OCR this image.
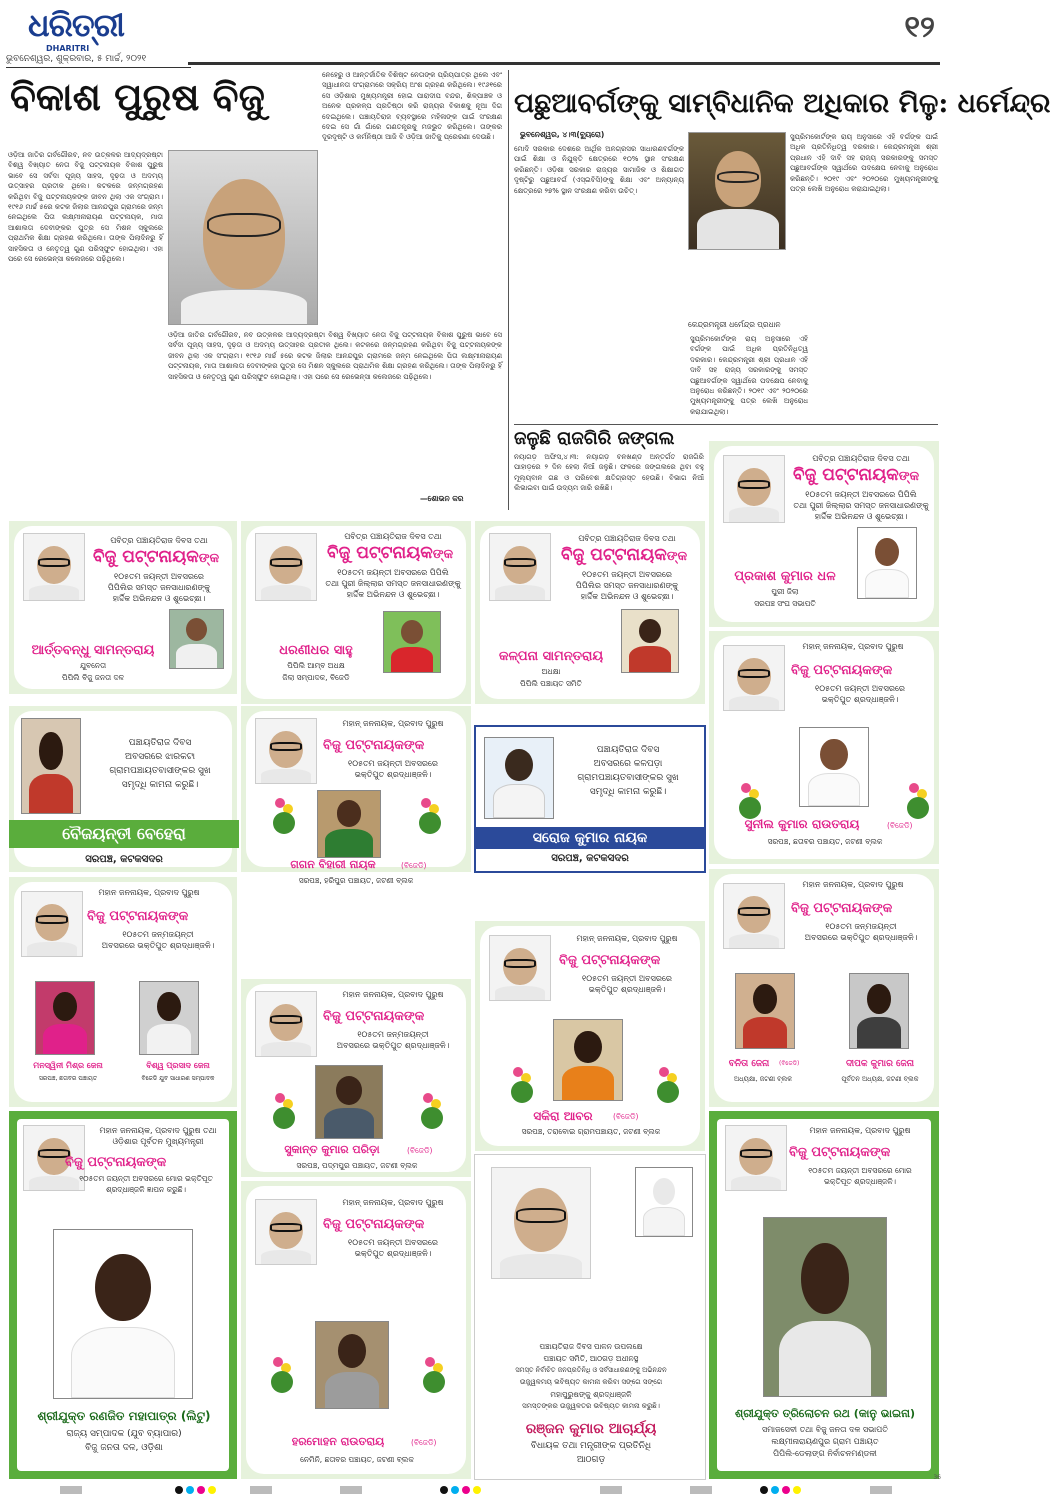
ଧରିତ୍ରୀ
DHARITRI
୧୨
ଭୁବନେଶ୍ୱର, ଶୁକ୍ରବାର, ୫ ମାର୍ଚ୍ଚ, ୨୦୨୧
ବିକାଶ ପୁରୁଷ ବିଜୁ
ଓଡ଼ିଆ ଜାତିର ଗର୍ବଗୌରବ, ନବ ଉତ୍କଳର ଆଦ୍ୟଦ୍ରଷ୍ଟା ବିଶ୍ୱ ବିଖ୍ୟାତ ନେତା ବିଜୁ ପଟ୍ଟନାୟକ ବିକାଶ ପୁରୁଷ ଭାବେ ସେ ସର୍ବଦା ପୂଜ୍ୟ ସାହସ, ଦୃଢ଼ତା ଓ ଅଦମ୍ୟ ଉତ୍ସାହର ପ୍ରତୀକ ଥିଲେ। କଟକରେ ଜନ୍ମଗ୍ରହଣ କରିଥିବା ବିଜୁ ପଟ୍ଟନାୟକଙ୍କ ଜୀବନ ଥିଲା ଏକ ସଂଗ୍ରାମ। ୧୯୧୬ ମାର୍ଚ୍ଚ ୫ରେ କଟକ ଜିଲାର ଆନନ୍ଦପୁର ଗ୍ରାମରେ ଜନ୍ମ ନେଇଥିଲେ ପିତା ଲକ୍ଷ୍ମୀନାରାୟଣ ପଟ୍ଟନାୟକ, ମାତା ଆଶାଲତା ଦେବୀଙ୍କର ପୁତ୍ର ସେ ମିଶନ ସ୍କୁଲରେ ପ୍ରାଥମିକ ଶିକ୍ଷା ଗ୍ରହଣ କରିଥିଲେ। ତାଙ୍କ ପିଲାଦିନରୁ ହିଁ ସାହସିକତା ଓ ନେତୃତ୍ୱ ଗୁଣ ପରିସ୍ଫୁଟ ହୋଇଥିଲା। ଏହା ପରେ ସେ ରେଭେନ୍ସା କଲେଜରେ ପଢ଼ିଥିଲେ।
ନେହେରୁ ଓ ଆନ୍ତର୍ଜାତିକ ବିଶିଷ୍ଟ ନେତାଙ୍କ ପ୍ରିୟପାତ୍ର ଥିଲେ ଏବଂ ସ୍ୱାଧୀନତା ସଂଗ୍ରାମରେ ସକ୍ରିୟ ଅଂଶ ଗ୍ରହଣ କରିଥିଲେ। ୧୯୬୧ରେ ସେ ଓଡ଼ିଶାର ମୁଖ୍ୟମନ୍ତ୍ରୀ ହୋଇ ପାରାଦୀପ ବନ୍ଦର, ଶିଳ୍ପାଞ୍ଚଳ ଓ ଅନେକ ପ୍ରକଳ୍ପ ପ୍ରତିଷ୍ଠା କରି ରାଜ୍ୟର ବିକାଶକୁ ନୂଆ ଦିଗ ଦେଇଥିଲେ। ପଞ୍ଚାୟତିରାଜ ବ୍ୟବସ୍ଥାରେ ମହିଳାଙ୍କ ପାଇଁ ସଂରକ୍ଷଣ ଦେଇ ସେ ଗାଁ ଗାଁରେ ଗଣତନ୍ତ୍ରକୁ ମଜଭୁତ କରିଥିଲେ। ତାଙ୍କର ଦୂରଦୃଷ୍ଟି ଓ କର୍ମନିଷ୍ଠା ଆଜି ବି ଓଡ଼ିଆ ଜାତିକୁ ପ୍ରେରଣା ଦେଉଛି।
ଓଡ଼ିଆ ଜାତିର ଗର୍ବଗୌରବ, ନବ ଉତ୍କଳର ଆଦ୍ୟଦ୍ରଷ୍ଟା ବିଶ୍ୱ ବିଖ୍ୟାତ ନେତା ବିଜୁ ପଟ୍ଟନାୟକ ବିକାଶ ପୁରୁଷ ଭାବେ ସେ ସର୍ବଦା ପୂଜ୍ୟ ସାହସ, ଦୃଢ଼ତା ଓ ଅଦମ୍ୟ ଉତ୍ସାହର ପ୍ରତୀକ ଥିଲେ। କଟକରେ ଜନ୍ମଗ୍ରହଣ କରିଥିବା ବିଜୁ ପଟ୍ଟନାୟକଙ୍କ ଜୀବନ ଥିଲା ଏକ ସଂଗ୍ରାମ। ୧୯୧୬ ମାର୍ଚ୍ଚ ୫ରେ କଟକ ଜିଲାର ଆନନ୍ଦପୁର ଗ୍ରାମରେ ଜନ୍ମ ନେଇଥିଲେ ପିତା ଲକ୍ଷ୍ମୀନାରାୟଣ ପଟ୍ଟନାୟକ, ମାତା ଆଶାଲତା ଦେବୀଙ୍କର ପୁତ୍ର ସେ ମିଶନ ସ୍କୁଲରେ ପ୍ରାଥମିକ ଶିକ୍ଷା ଗ୍ରହଣ କରିଥିଲେ। ତାଙ୍କ ପିଲାଦିନରୁ ହିଁ ସାହସିକତା ଓ ନେତୃତ୍ୱ ଗୁଣ ପରିସ୍ଫୁଟ ହୋଇଥିଲା। ଏହା ପରେ ସେ ରେଭେନ୍ସା କଲେଜରେ ପଢ଼ିଥିଲେ।
—ଶୋଭନ କର
ପଛୁଆବର୍ଗଙ୍କୁ ସାମ୍ବିଧାନିକ ଅଧିକାର ମିଳୁ: ଧର୍ମେନ୍ଦ୍ର
ଭୁବନେଶ୍ୱର, ୪।୩(ବ୍ୟୁରୋ)
ମୋଦି ସରକାର ଦେଶରେ ଆର୍ଥିକ ଅନଗ୍ରସର ସାଧାରଣବର୍ଗଙ୍କ ପାଇଁ ଶିକ୍ଷା ଓ ନିଯୁକ୍ତି କ୍ଷେତ୍ରରେ ୧୦% ସ୍ଥାନ ସଂରକ୍ଷଣ କରିଛନ୍ତି। ଓଡ଼ିଶା ସରକାର ରାଜ୍ୟର ସାମାଜିକ ଓ ଶିକ୍ଷାଗତ ଦୃଷ୍ଟିରୁ ପଛୁଆବର୍ଗ (ଏସ୍ଇବିସି)ଙ୍କୁ ଶିକ୍ଷା ଏବଂ ଅନ୍ୟାନ୍ୟ କ୍ଷେତ୍ରରେ ୨୭% ସ୍ଥାନ ସଂରକ୍ଷଣ କରିବା ଉଚିତ୍।
କେନ୍ଦ୍ରମନ୍ତ୍ରୀ ଧର୍ମେନ୍ଦ୍ର ପ୍ରଧାନ
ସୁପ୍ରିମକୋର୍ଟଙ୍କ ରାୟ ଅନୁସାରେ ଏହି ବର୍ଗଙ୍କ ପାଇଁ ଅଧିକ ପ୍ରତିନିଧିତ୍ୱ ଦରକାର। କେନ୍ଦ୍ରମନ୍ତ୍ରୀ ଶ୍ରୀ ପ୍ରଧାନ ଏହି ଦାବି ସହ ରାଜ୍ୟ ସରକାରଙ୍କୁ ସମସ୍ତ ପଛୁଆବର୍ଗଙ୍କ ସ୍ୱାର୍ଥରେ ପଦକ୍ଷେପ ନେବାକୁ ଅନୁରୋଧ କରିଛନ୍ତି। ୨୦୧୯ ଏବଂ ୨୦୨୦ରେ ମୁଖ୍ୟମନ୍ତ୍ରୀଙ୍କୁ ପତ୍ର ଲେଖି ଅନୁରୋଧ କରାଯାଇଥିଲା।
ସୁପ୍ରିମକୋର୍ଟଙ୍କ ରାୟ ଅନୁସାରେ ଏହି ବର୍ଗଙ୍କ ପାଇଁ ଅଧିକ ପ୍ରତିନିଧିତ୍ୱ ଦରକାର। କେନ୍ଦ୍ରମନ୍ତ୍ରୀ ଶ୍ରୀ ପ୍ରଧାନ ଏହି ଦାବି ସହ ରାଜ୍ୟ ସରକାରଙ୍କୁ ସମସ୍ତ ପଛୁଆବର୍ଗଙ୍କ ସ୍ୱାର୍ଥରେ ପଦକ୍ଷେପ ନେବାକୁ ଅନୁରୋଧ କରିଛନ୍ତି। ୨୦୧୯ ଏବଂ ୨୦୨୦ରେ ମୁଖ୍ୟମନ୍ତ୍ରୀଙ୍କୁ ପତ୍ର ଲେଖି ଅନୁରୋଧ କରାଯାଇଥିଲା।
ଜଳୁଛି ରାଜଗିରି ଜଙ୍ଗଲ
ନୟାଗଡ଼ ଅଫିସ,୪।୩: ନୟାଗଡ଼ ବନଖଣ୍ଡ ଅନ୍ତର୍ଗତ ରାଜଗିରି ପାହାଡ଼ରେ ୨ ଦିନ ହେଲା ନିଆଁ ଜଳୁଛି। ଫଳରେ ଜଙ୍ଗଲରେ ଥିବା ବହୁ ମୂଲ୍ୟବାନ ଗଛ ଓ ପରିବେଶ କ୍ଷତିଗ୍ରସ୍ତ ହେଉଛି। ବିଭାଗ ନିଆଁ ଲିଭାଇବା ପାଇଁ ଉଦ୍ୟମ ଜାରି ରଖିଛି।
ପବିତ୍ର ପଞ୍ଚାୟତିରାଜ ଦିବସ ତଥା
ବିଜୁ ପଟ୍ଟନାୟକଙ୍କ
୧୦୫ତମ ଜୟନ୍ତୀ ଅବସରରେ
ପିପିଲିର ସମସ୍ତ ଜନସାଧାରଣଙ୍କୁ
ହାର୍ଦ୍ଦିକ ଅଭିନନ୍ଦନ ଓ ଶୁଭେଚ୍ଛା।
ଆର୍ତ୍ତବନ୍ଧୁ ସାମନ୍ତରାୟ
ଯୁବନେତା
ପିପିଲି ବିଜୁ ଜନତା ଦଳ
ପବିତ୍ର ପଞ୍ଚାୟତିରାଜ ଦିବସ ତଥା
ବିଜୁ ପଟ୍ଟନାୟକଙ୍କ
୧୦୫ତମ ଜୟନ୍ତୀ ଅବସରରେ ପିପିଲି
ତଥା ପୁରୀ ଜିଲ୍ଲାର ସମସ୍ତ ଜନସାଧାରଣଙ୍କୁ
ହାର୍ଦ୍ଦିକ ଅଭିନନ୍ଦନ ଓ ଶୁଭେଚ୍ଛା।
ଧରଣୀଧର ସାହୁ
ପିପିଲି ଆମ୍ବ ଅଧକ୍ଷ
ଜିଲା ସମ୍ପାଦକ, ବିଜେଡି
ପବିତ୍ର ପଞ୍ଚାୟତିରାଜ ଦିବସ ତଥା
ବିଜୁ ପଟ୍ଟନାୟକଙ୍କ
୧୦୫ତମ ଜୟନ୍ତୀ ଅବସରରେ
ପିପିଲିର ସମସ୍ତ ଜନସାଧାରଣଙ୍କୁ
ହାର୍ଦ୍ଦିକ ଅଭିନନ୍ଦନ ଓ ଶୁଭେଚ୍ଛା।
କଳ୍ପନା ସାମନ୍ତରାୟ
ଅଧକ୍ଷା
ପିପିଲି ପଞ୍ଚାୟତ ସମିତି
ପବିତ୍ର ପଞ୍ଚାୟତିରାଜ ଦିବସ ତଥା
ବିଜୁ ପଟ୍ଟନାୟକଙ୍କ
୧୦୫ତମ ଜୟନ୍ତୀ ଅବସରରେ ପିପିଲି
ତଥା ପୁରୀ ଜିଲ୍ଲାର ସମସ୍ତ ଜନସାଧାରଣଙ୍କୁ
ହାର୍ଦ୍ଦିକ ଅଭିନନ୍ଦନ ଓ ଶୁଭେଚ୍ଛା।
ପ୍ରକାଶ କୁମାର ଧଳ
ପୁରୀ ଜିଲା
ସରପଞ୍ଚ ସଂଘ ସଭାପତି
ମହାନ୍ ଜନନାୟକ, ପ୍ରବାଦ ପୁରୁଷ
ବିଜୁ ପଟ୍ଟନାୟକଙ୍କ
୧୦୫ତମ ଜୟନ୍ତୀ ଅବସରରେ
ଭକ୍ତିପୁତ ଶ୍ରଦ୍ଧାଞ୍ଜଳି।
ସୁନୀଲ କୁମାର ରାଉତରାୟ	(ବିଜେଡି)
ସରପଞ୍ଚ, ଛତାବର ପଞ୍ଚାୟତ, ଜଟଣୀ ବ୍ଲକ
ପଞ୍ଚାୟତିରାଜ ଦିବସ
ଅବସରରେ ଝାରକଟା
ଗ୍ରାମପଞ୍ଚାୟତବାସୀଙ୍କର ସୁଖ
ସମୃଦ୍ଧି କାମନା କରୁଛି।
ବୈଜୟନ୍ତୀ ବେହେରା
ସରପଞ୍ଚ, କଟକସଦର
ମହାନ୍ ଜନନାୟକ, ପ୍ରବାଦ ପୁରୁଷ
ବିଜୁ ପଟ୍ଟନାୟକଙ୍କ
୧୦୫ତମ ଜୟନ୍ତୀ ଅବସରରେ
ଭକ୍ତିପୁତ ଶ୍ରଦ୍ଧାଞ୍ଜଳି।
ଗଗନ ବିହାରୀ ନାୟକ	(ବିଜେଡି)
ସରପଞ୍ଚ, ହରିପୁର ପଞ୍ଚାୟତ, ଜଟଣୀ ବ୍ଲକ
ପଞ୍ଚାୟତିରାଜ ଦିବସ
ଅବସରରେ କଳପଡ଼ା
ଗ୍ରାମପଞ୍ଚାୟତବାସୀଙ୍କର ସୁଖ
ସମୃଦ୍ଧି କାମନା କରୁଛି।
ସରୋଜ କୁମାର ନାୟକ
ସରପଞ୍ଚ, କଟକସଦର
ମହାନ ଜନନାୟକ, ପ୍ରବାଦ ପୁରୁଷ
ବିଜୁ ପଟ୍ଟନାୟକଙ୍କ
୧୦୫ତମ ଜନ୍ମଜୟନ୍ତୀ
ଅବସରରେ ଭକ୍ତିପୁତ ଶ୍ରଦ୍ଧାଞ୍ଜଳି।
ମନସ୍ୱିନୀ ମିଶ୍ର ଜେନା
ସରପଞ୍ଚ, ଛତାବର ପଞ୍ଚାୟତ
ବିଶ୍ୱ ପ୍ରସାଦ ଜେନା
ବିଜେଡି ଯୁବ ସାଧାରଣ ସମ୍ପାଦକ
ମହାନ ଜନନାୟକ, ପ୍ରବାଦ ପୁରୁଷ
ବିଜୁ ପଟ୍ଟନାୟକଙ୍କ
୧୦୫ତମ ଜନ୍ମଜୟନ୍ତୀ
ଅବସରରେ ଭକ୍ତିପୁତ ଶ୍ରଦ୍ଧାଞ୍ଜଳି।
ସୁକାନ୍ତ କୁମାର ପରିଡ଼ା	(ବିଜେଡି)
ସରପଞ୍ଚ, ପଦ୍ମପୁର ପଞ୍ଚାୟତ, ଜଟଣୀ ବ୍ଲକ
ମହାନ୍ ଜନନାୟକ, ପ୍ରବାଦ ପୁରୁଷ
ବିଜୁ ପଟ୍ଟନାୟକଙ୍କ
୧୦୫ତମ ଜୟନ୍ତୀ ଅବସରରେ
ଭକ୍ତିପୁତ ଶ୍ରଦ୍ଧାଞ୍ଜଳି।
ସକିରା ଆବର	(ବିଜେଡି)
ସରପଞ୍ଚ, ତରାବୋଇ ଗ୍ରାମପଞ୍ଚାୟତ, ଜଟଣୀ ବ୍ଲକ
ମହାନ ଜନନାୟକ, ପ୍ରବାଦ ପୁରୁଷ
ବିଜୁ ପଟ୍ଟନାୟକଙ୍କ
୧୦୫ତମ ଜନ୍ମଜୟନ୍ତୀ
ଅବସରରେ ଭକ୍ତିପୁତ ଶ୍ରଦ୍ଧାଞ୍ଜଳି।
ବନିତା ଜେନା	(ବିଜେଡି)
ଅଧ୍ୟକ୍ଷା, ଜଟଣୀ ବ୍ଲକ
ଦୀପକ କୁମାର ଜେନା
ପୂର୍ବତନ ଅଧ୍ୟକ୍ଷ, ଜଟଣୀ ବ୍ଲକ
ମହାନ ଜନନାୟକ, ପ୍ରବାଦ ପୁରୁଷ ତଥା
ଓଡ଼ିଶାର ପୂର୍ବତନ ମୁଖ୍ୟମନ୍ତ୍ରୀ
ବିଜୁ ପଟ୍ଟନାୟକଙ୍କ
୧୦୫ତମ ଜୟନ୍ତୀ ଅବସରରେ ମୋର ଭକ୍ତିପୂତ
ଶ୍ରଦ୍ଧାଞ୍ଜଳି ଜ୍ଞାପନ କରୁଛି।
ଶ୍ରୀଯୁକ୍ତ ରଣଜିତ ମହାପାତ୍ର (ଲିଟୁ)
ରାଜ୍ୟ ସମ୍ପାଦକ (ଯୁବ ବ୍ୟାପାର)
ବିଜୁ ଜନତା ଦଳ, ଓଡ଼ିଶା
ମହାନ୍ ଜନନାୟକ, ପ୍ରବାଦ ପୁରୁଷ
ବିଜୁ ପଟ୍ଟନାୟକଙ୍କ
୧୦୫ତମ ଜୟନ୍ତୀ ଅବସରରେ
ଭକ୍ତିପୁତ ଶ୍ରଦ୍ଧାଞ୍ଜଳି।
ହରମୋହନ ରାଉତରାୟ	(ବିଜେଡି)
ନେମିନି, ଛତାବର ପଞ୍ଚାୟତ, ଜଟଣୀ ବ୍ଲକ
ପଞ୍ଚାୟତିରାଜ ଦିବସ ପାଳନ ଉପଲକ୍ଷେ
ପଞ୍ଚାୟତ ସମିତି, ଆଠଗଡ଼ ଅଧୀନସ୍ଥ
ସମସ୍ତ ନିର୍ବାଚିତ ଜନପ୍ରତିନିଧି ଓ ସର୍ବସାଧାରଣଙ୍କୁ ଅଭିନନ୍ଦନ
ଉଜ୍ଜ୍ୱଳମୟ ଭବିଷ୍ୟତ କାମନା କରିବା ସଙ୍ଗେ ସଙ୍ଗେ
ମହାପୁରୁଷଙ୍କୁ ଶ୍ରଦ୍ଧାଞ୍ଜଳି
ସମସ୍ତଙ୍କର ଉଜ୍ଜ୍ୱଳତର ଭବିଷ୍ୟତ କାମନା କରୁଛି।
ରଞ୍ଜନ କୁମାର ଆଚାର୍ଯ୍ୟ
ବିଧାୟକ ତଥା ମନ୍ତ୍ରୀଙ୍କ ପ୍ରତିନିଧି
ଆଠଗଡ଼
ମହାନ ଜନନାୟକ, ପ୍ରବାଦ ପୁରୁଷ
ବିଜୁ ପଟ୍ଟନାୟକଙ୍କ
୧୦୫ତମ ଜୟନ୍ତୀ ଅବସରରେ ମୋର
ଭକ୍ତିପୂତ ଶ୍ରଦ୍ଧାଞ୍ଜଳି।
ଶ୍ରୀଯୁକ୍ତ ତ୍ରିଲୋଚନ ରଥ (କାନୁ ଭାଇନା)
ସମାଜସେବୀ ତଥା ବିଜୁ ଜନତା ଦଳ ସଭାପତି
ଲକ୍ଷ୍ମୀନାରାୟଣପୁର ଗ୍ରାମ ପଞ୍ଚାୟତ
ପିପିଲି-ଡେଲାଙ୍ଗ ନିର୍ବାଚନମଣ୍ଡଳୀ
36
